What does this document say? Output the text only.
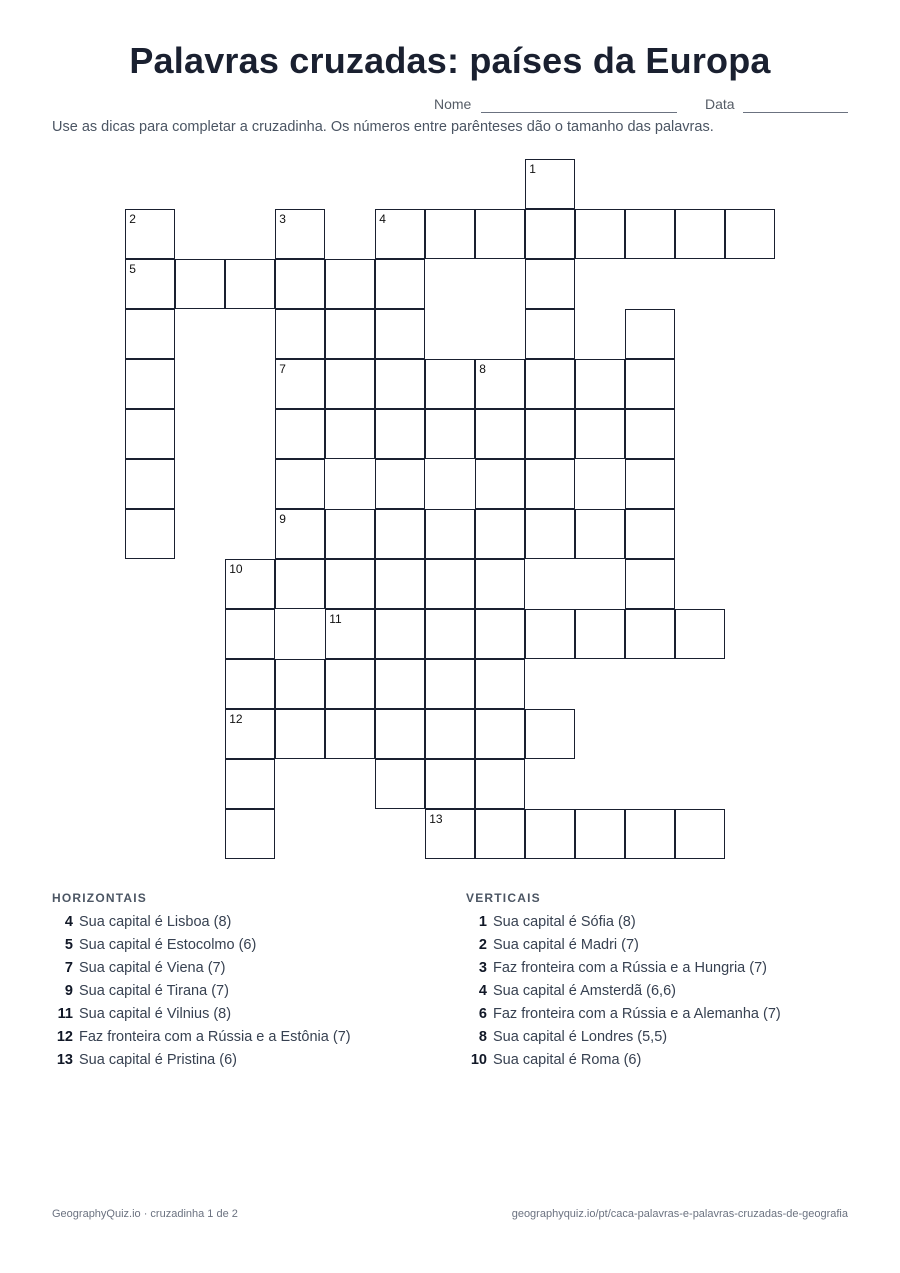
Palavras cruzadas: países da Europa
Nome	Data
Use as dicas para completar a cruzadinha. Os números entre parênteses dão o tamanho das palavras.
1
2	3	4
5
7	8
9
10
11
12
13
HORIZONTAIS
4 Sua capital é Lisboa (8)
5 Sua capital é Estocolmo (6)
7 Sua capital é Viena (7)
9 Sua capital é Tirana (7)
11 Sua capital é Vilnius (8)
12 Faz fronteira com a Rússia e a Estônia (7)
13 Sua capital é Pristina (6)
VERTICAIS
1 Sua capital é Sófia (8)
2 Sua capital é Madri (7)
3 Faz fronteira com a Rússia e a Hungria (7)
4 Sua capital é Amsterdã (6,6)
6 Faz fronteira com a Rússia e a Alemanha (7)
8 Sua capital é Londres (5,5)
10 Sua capital é Roma (6)
GeographyQuiz.io · cruzadinha 1 de 2	geographyquiz.io/pt/caca-palavras-e-palavras-cruzadas-de-geografia
